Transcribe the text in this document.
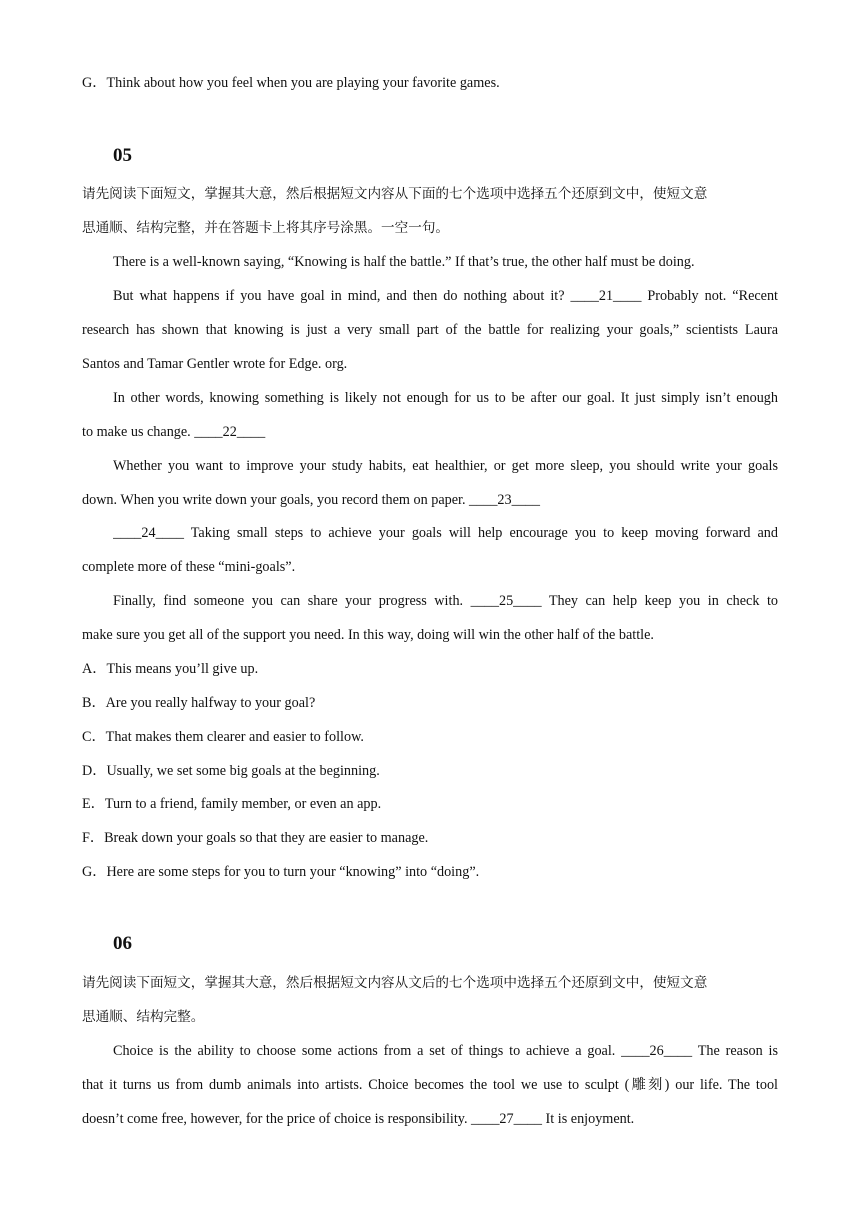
G．Think about how you feel when you are playing your favorite games.
05
请先阅读下面短文，掌握其大意，然后根据短文内容从下面的七个选项中选择五个还原到文中，使短文意
思通顺、结构完整，并在答题卡上将其序号涂黑。一空一句。
There is a well-known saying, “Knowing is half the battle.” If that’s true, the other half must be doing.
But what happens if you have goal in mind, and then do nothing about it? ____21____ Probably not. “Recent
research has shown that knowing is just a very small part of the battle for realizing your goals,” scientists Laura
Santos and Tamar Gentler wrote for Edge. org.
In other words, knowing something is likely not enough for us to be after our goal. It just simply isn’t enough
to make us change. ____22____
Whether you want to improve your study habits, eat healthier, or get more sleep, you should write your goals
down. When you write down your goals, you record them on paper. ____23____
____24____ Taking small steps to achieve your goals will help encourage you to keep moving forward and
complete more of these “mini-goals”.
Finally, find someone you can share your progress with. ____25____ They can help keep you in check to
make sure you get all of the support you need. In this way, doing will win the other half of the battle.
A．This means you’ll give up.
B．Are you really halfway to your goal?
C．That makes them clearer and easier to follow.
D．Usually, we set some big goals at the beginning.
E．Turn to a friend, family member, or even an app.
F．Break down your goals so that they are easier to manage.
G．Here are some steps for you to turn your “knowing” into “doing”.
06
请先阅读下面短文，掌握其大意，然后根据短文内容从文后的七个选项中选择五个还原到文中，使短文意
思通顺、结构完整。
Choice is the ability to choose some actions from a set of things to achieve a goal. ____26____ The reason is
that it turns us from dumb animals into artists. Choice becomes the tool we use to sculpt (雕刻) our life. The tool
doesn’t come free, however, for the price of choice is responsibility. ____27____ It is enjoyment.
